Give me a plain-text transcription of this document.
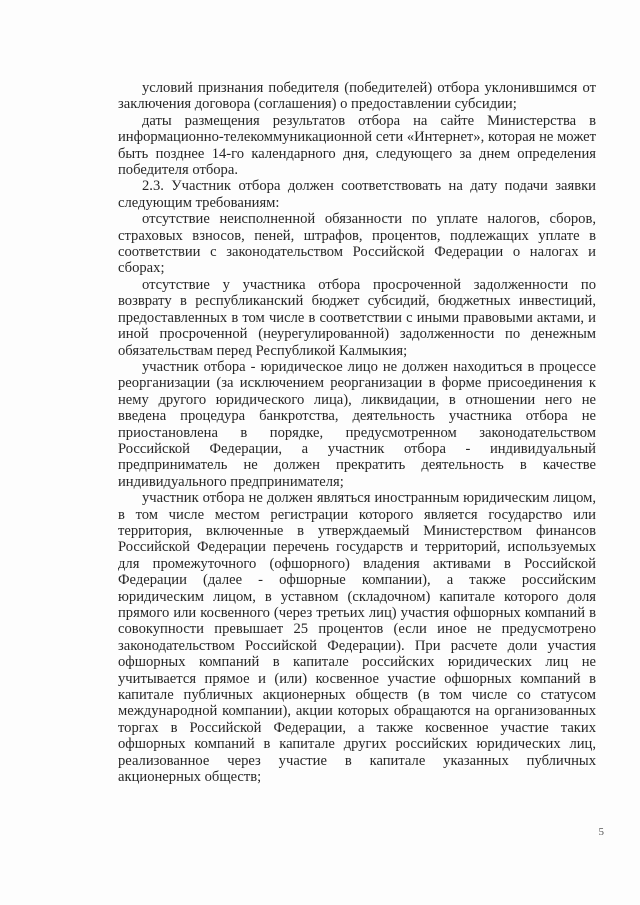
условий признания победителя (победителей) отбора уклонившимся от заключения договора (соглашения) о предоставлении субсидии;

даты размещения результатов отбора на сайте Министерства в информационно-телекоммуникационной сети «Интернет», которая не может быть позднее 14-го календарного дня, следующего за днем определения победителя отбора.

2.3. Участник отбора должен соответствовать на дату подачи заявки следующим требованиям:

отсутствие неисполненной обязанности по уплате налогов, сборов, страховых взносов, пеней, штрафов, процентов, подлежащих уплате в соответствии с законодательством Российской Федерации о налогах и сборах;

отсутствие у участника отбора просроченной задолженности по возврату в республиканский бюджет субсидий, бюджетных инвестиций, предоставленных в том числе в соответствии с иными правовыми актами, и иной просроченной (неурегулированной) задолженности по денежным обязательствам перед Республикой Калмыкия;

участник отбора - юридическое лицо не должен находиться в процессе реорганизации (за исключением реорганизации в форме присоединения к нему другого юридического лица), ликвидации, в отношении него не введена процедура банкротства, деятельность участника отбора не приостановлена в порядке, предусмотренном законодательством Российской Федерации, а участник отбора - индивидуальный предприниматель не должен прекратить деятельность в качестве индивидуального предпринимателя;

участник отбора не должен являться иностранным юридическим лицом, в том числе местом регистрации которого является государство или территория, включенные в утверждаемый Министерством финансов Российской Федерации перечень государств и территорий, используемых для промежуточного (офшорного) владения активами в Российской Федерации (далее - офшорные компании), а также российским юридическим лицом, в уставном (складочном) капитале которого доля прямого или косвенного (через третьих лиц) участия офшорных компаний в совокупности превышает 25 процентов (если иное не предусмотрено законодательством Российской Федерации). При расчете доли участия офшорных компаний в капитале российских юридических лиц не учитывается прямое и (или) косвенное участие офшорных компаний в капитале публичных акционерных обществ (в том числе со статусом международной компании), акции которых обращаются на организованных торгах в Российской Федерации, а также косвенное участие таких офшорных компаний в капитале других российских юридических лиц, реализованное через участие в капитале указанных публичных акционерных обществ;

5
